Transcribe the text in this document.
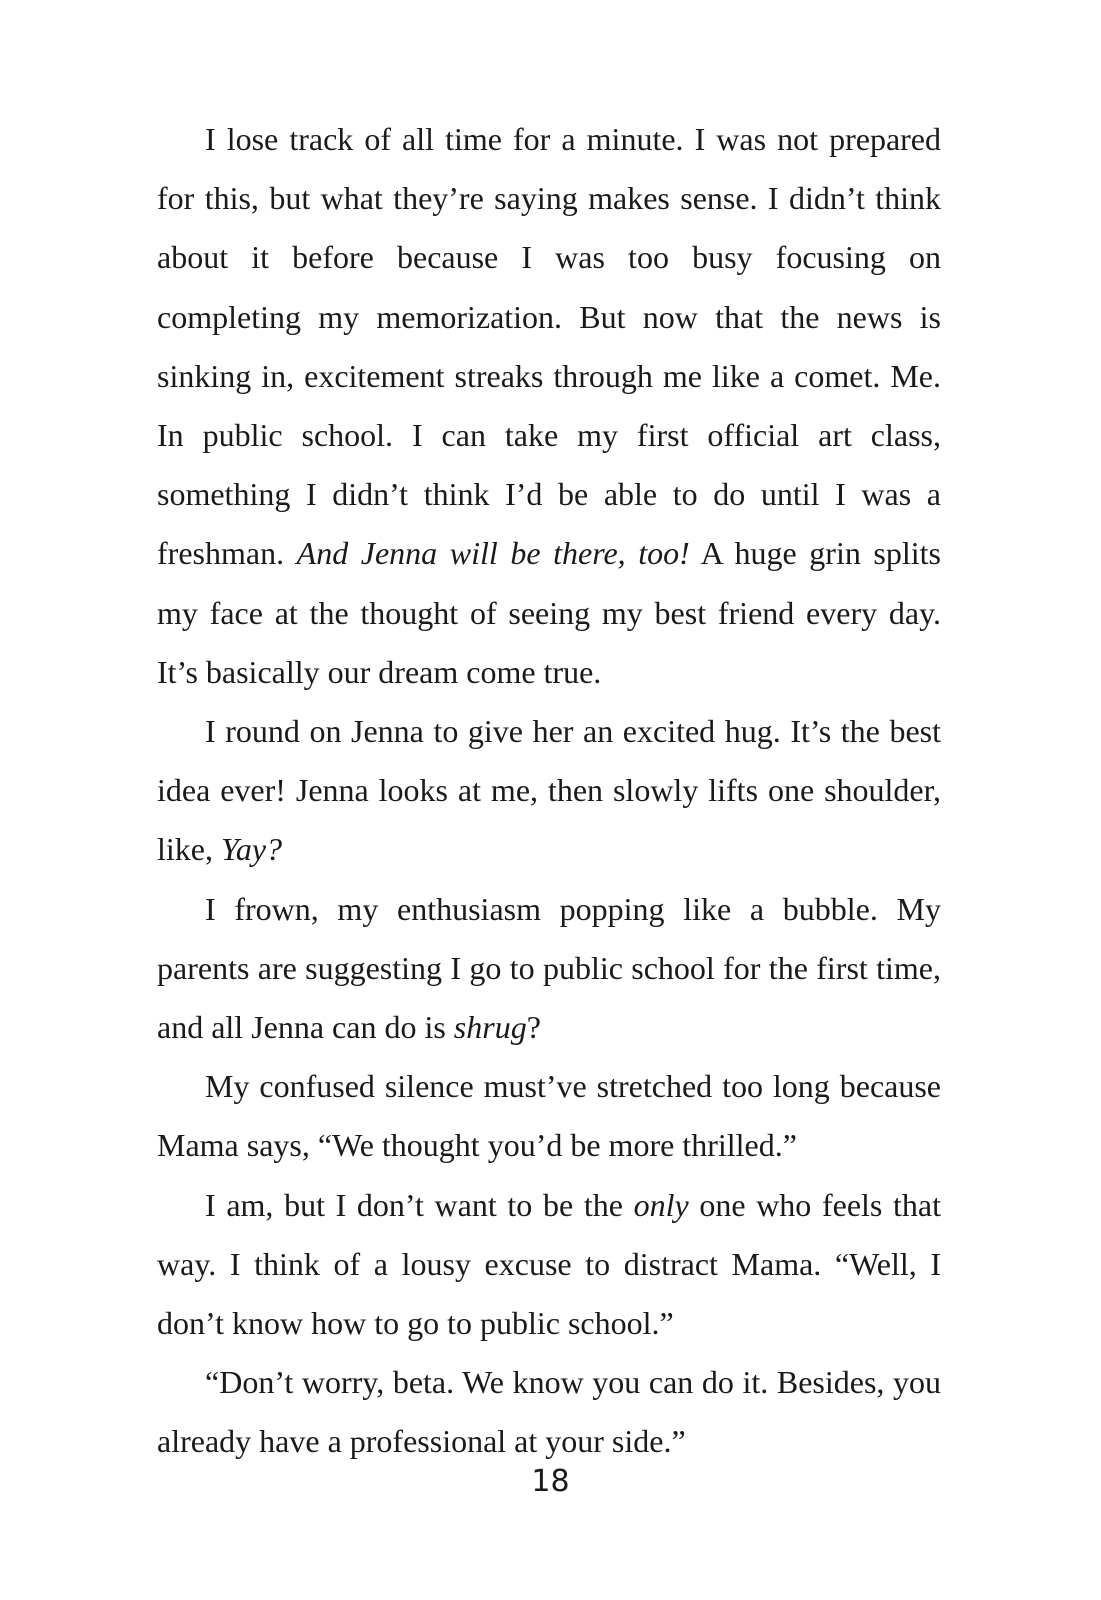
I lose track of all time for a minute. I was not prepared for this, but what they’re saying makes sense. I didn’t think about it before because I was too busy focusing on completing my memorization. But now that the news is sinking in, excitement streaks through me like a comet. Me. In public school. I can take my first official art class, something I didn’t think I’d be able to do until I was a freshman. And Jenna will be there, too! A huge grin splits my face at the thought of seeing my best friend every day. It’s basically our dream come true.

I round on Jenna to give her an excited hug. It’s the best idea ever! Jenna looks at me, then slowly lifts one shoulder, like, Yay?

I frown, my enthusiasm popping like a bubble. My parents are suggesting I go to public school for the first time, and all Jenna can do is shrug?

My confused silence must’ve stretched too long because Mama says, “We thought you’d be more thrilled.”

I am, but I don’t want to be the only one who feels that way. I think of a lousy excuse to distract Mama. “Well, I don’t know how to go to public school.”

“Don’t worry, beta. We know you can do it. Besides, you already have a professional at your side.”

18
